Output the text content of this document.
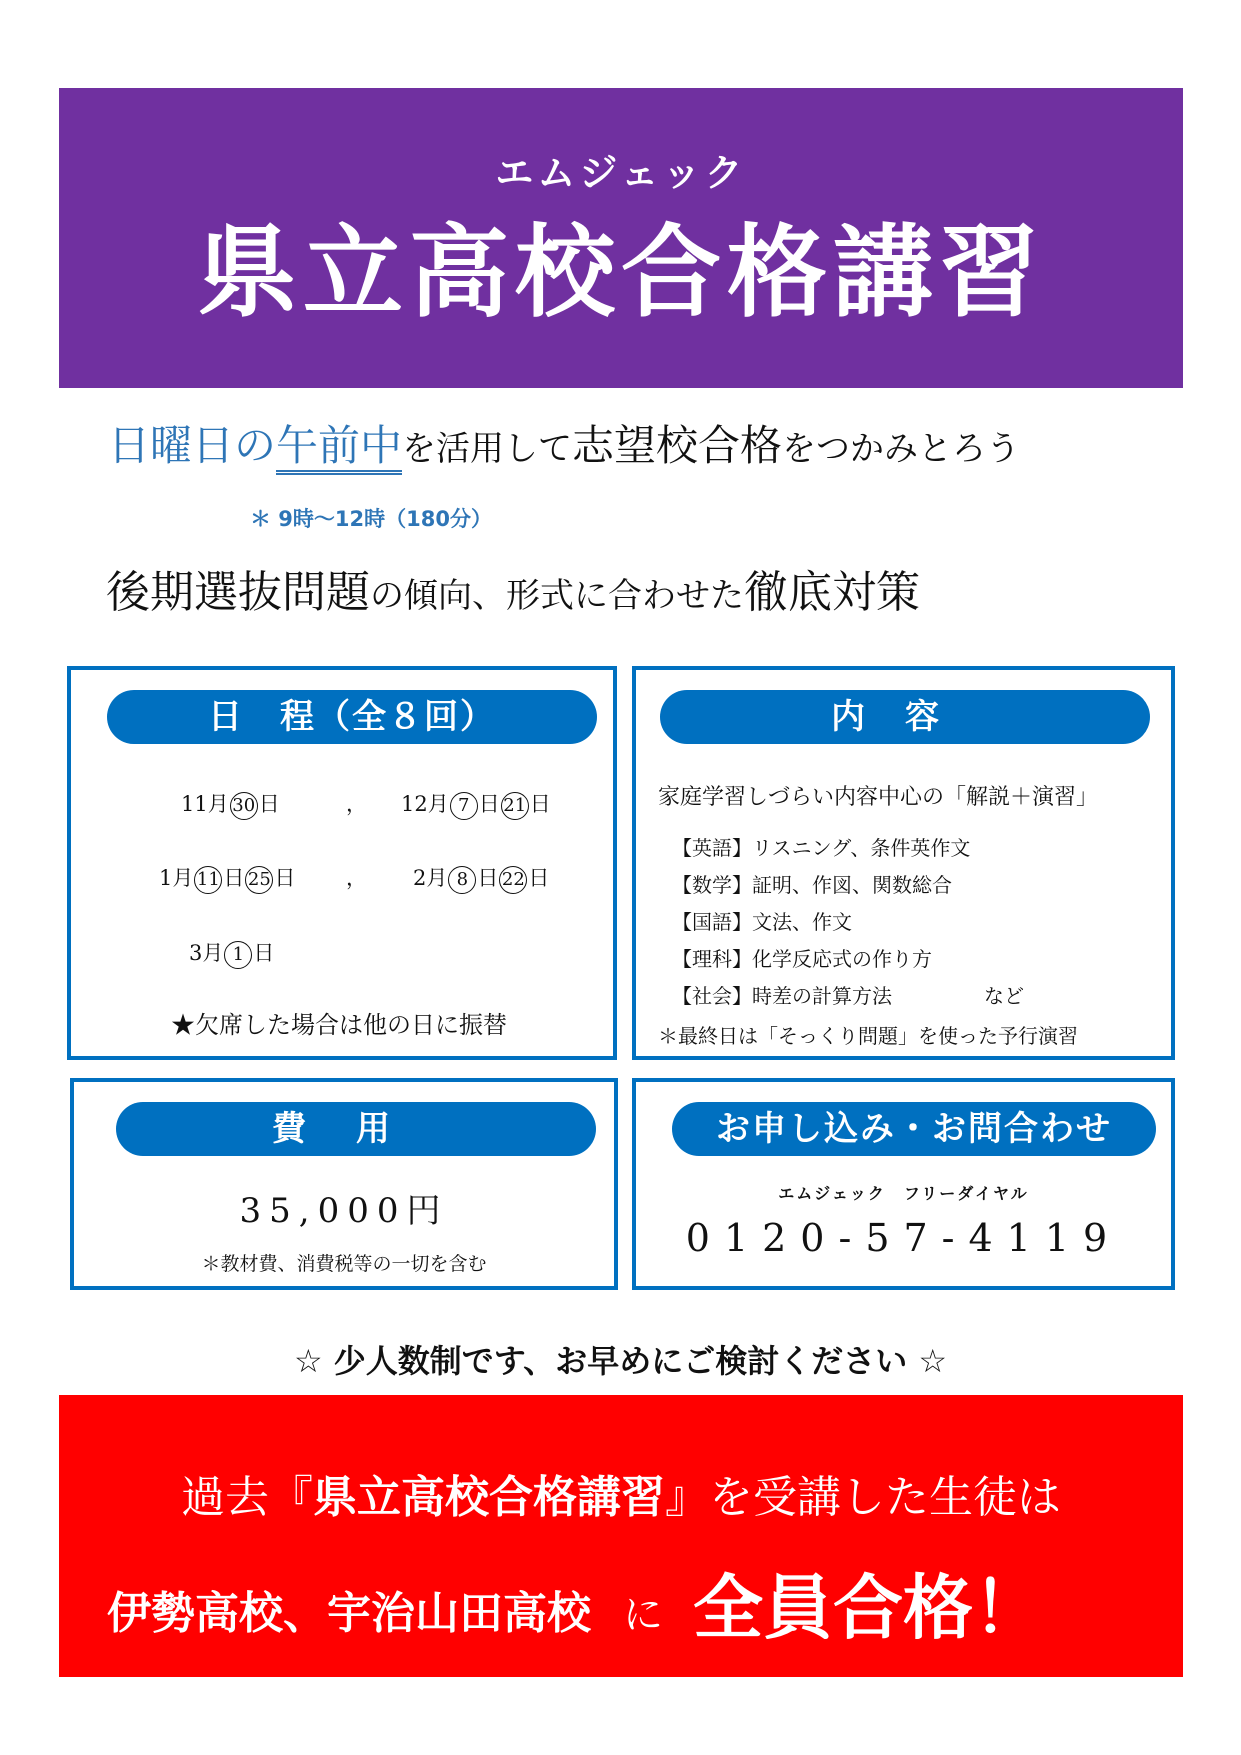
エムジェック
県立高校合格講習
日曜日の午前中を活用して志望校合格をつかみとろう
＊ 9時～12時（180分）
後期選抜問題の傾向、形式に合わせた徹底対策
日　程（全８回）
11月 30 日	， 12月 7 日 21 日
1月 11 日 25 日 ， 2月 8 日 22 日
3月 1 日
★欠席した場合は他の日に振替
内容
家庭学習しづらい内容中心の「解説＋演習」
【英語】リスニング、条件英作文
【数学】証明、作図、関数総合
【国語】文法、作文
【理科】化学反応式の作り方
【社会】時差の計算方法	など
＊最終日は「そっくり問題」を使った予行演習
費用
35,000円
＊教材費、消費税等の一切を含む
お申し込み・お問合わせ
エムジェック　フリーダイヤル
0120-57-4119
☆ 少人数制です、お早めにご検討ください ☆
過去『県立高校合格講習』を受講した生徒は
伊勢高校、宇治山田高校 に 全員合格！
